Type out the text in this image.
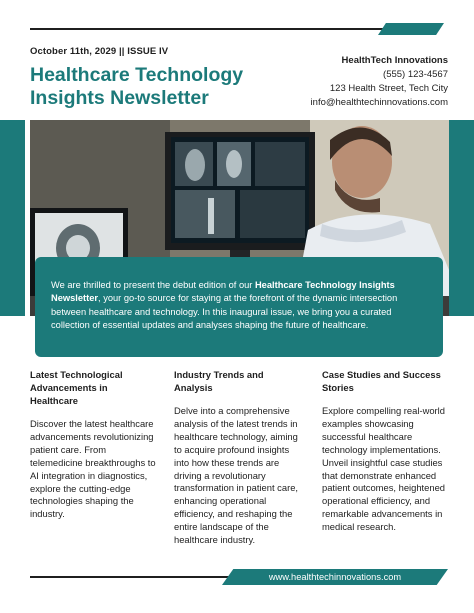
October 11th, 2029 || ISSUE IV
Healthcare Technology Insights Newsletter
HealthTech Innovations
(555) 123-4567
123 Health Street, Tech City
info@healthtechinnovations.com
We are thrilled to present the debut edition of our Healthcare Technology Insights Newsletter, your go-to source for staying at the forefront of the dynamic intersection between healthcare and technology. In this inaugural issue, we bring you a curated collection of essential updates and analyses shaping the future of healthcare.
Latest Technological Advancements in Healthcare

Discover the latest healthcare advancements revolutionizing patient care. From telemedicine breakthroughs to AI integration in diagnostics, explore the cutting-edge technologies shaping the industry.

Industry Trends and Analysis

Delve into a comprehensive analysis of the latest trends in healthcare technology, aiming to acquire profound insights into how these trends are driving a revolutionary transformation in patient care, enhancing operational efficiency, and reshaping the entire landscape of the healthcare industry.

Case Studies and Success Stories

Explore compelling real-world examples showcasing successful healthcare technology implementations. Unveil insightful case studies that demonstrate enhanced patient outcomes, heightened operational efficiency, and remarkable advancements in medical research.

www.healthtechinnovations.com
